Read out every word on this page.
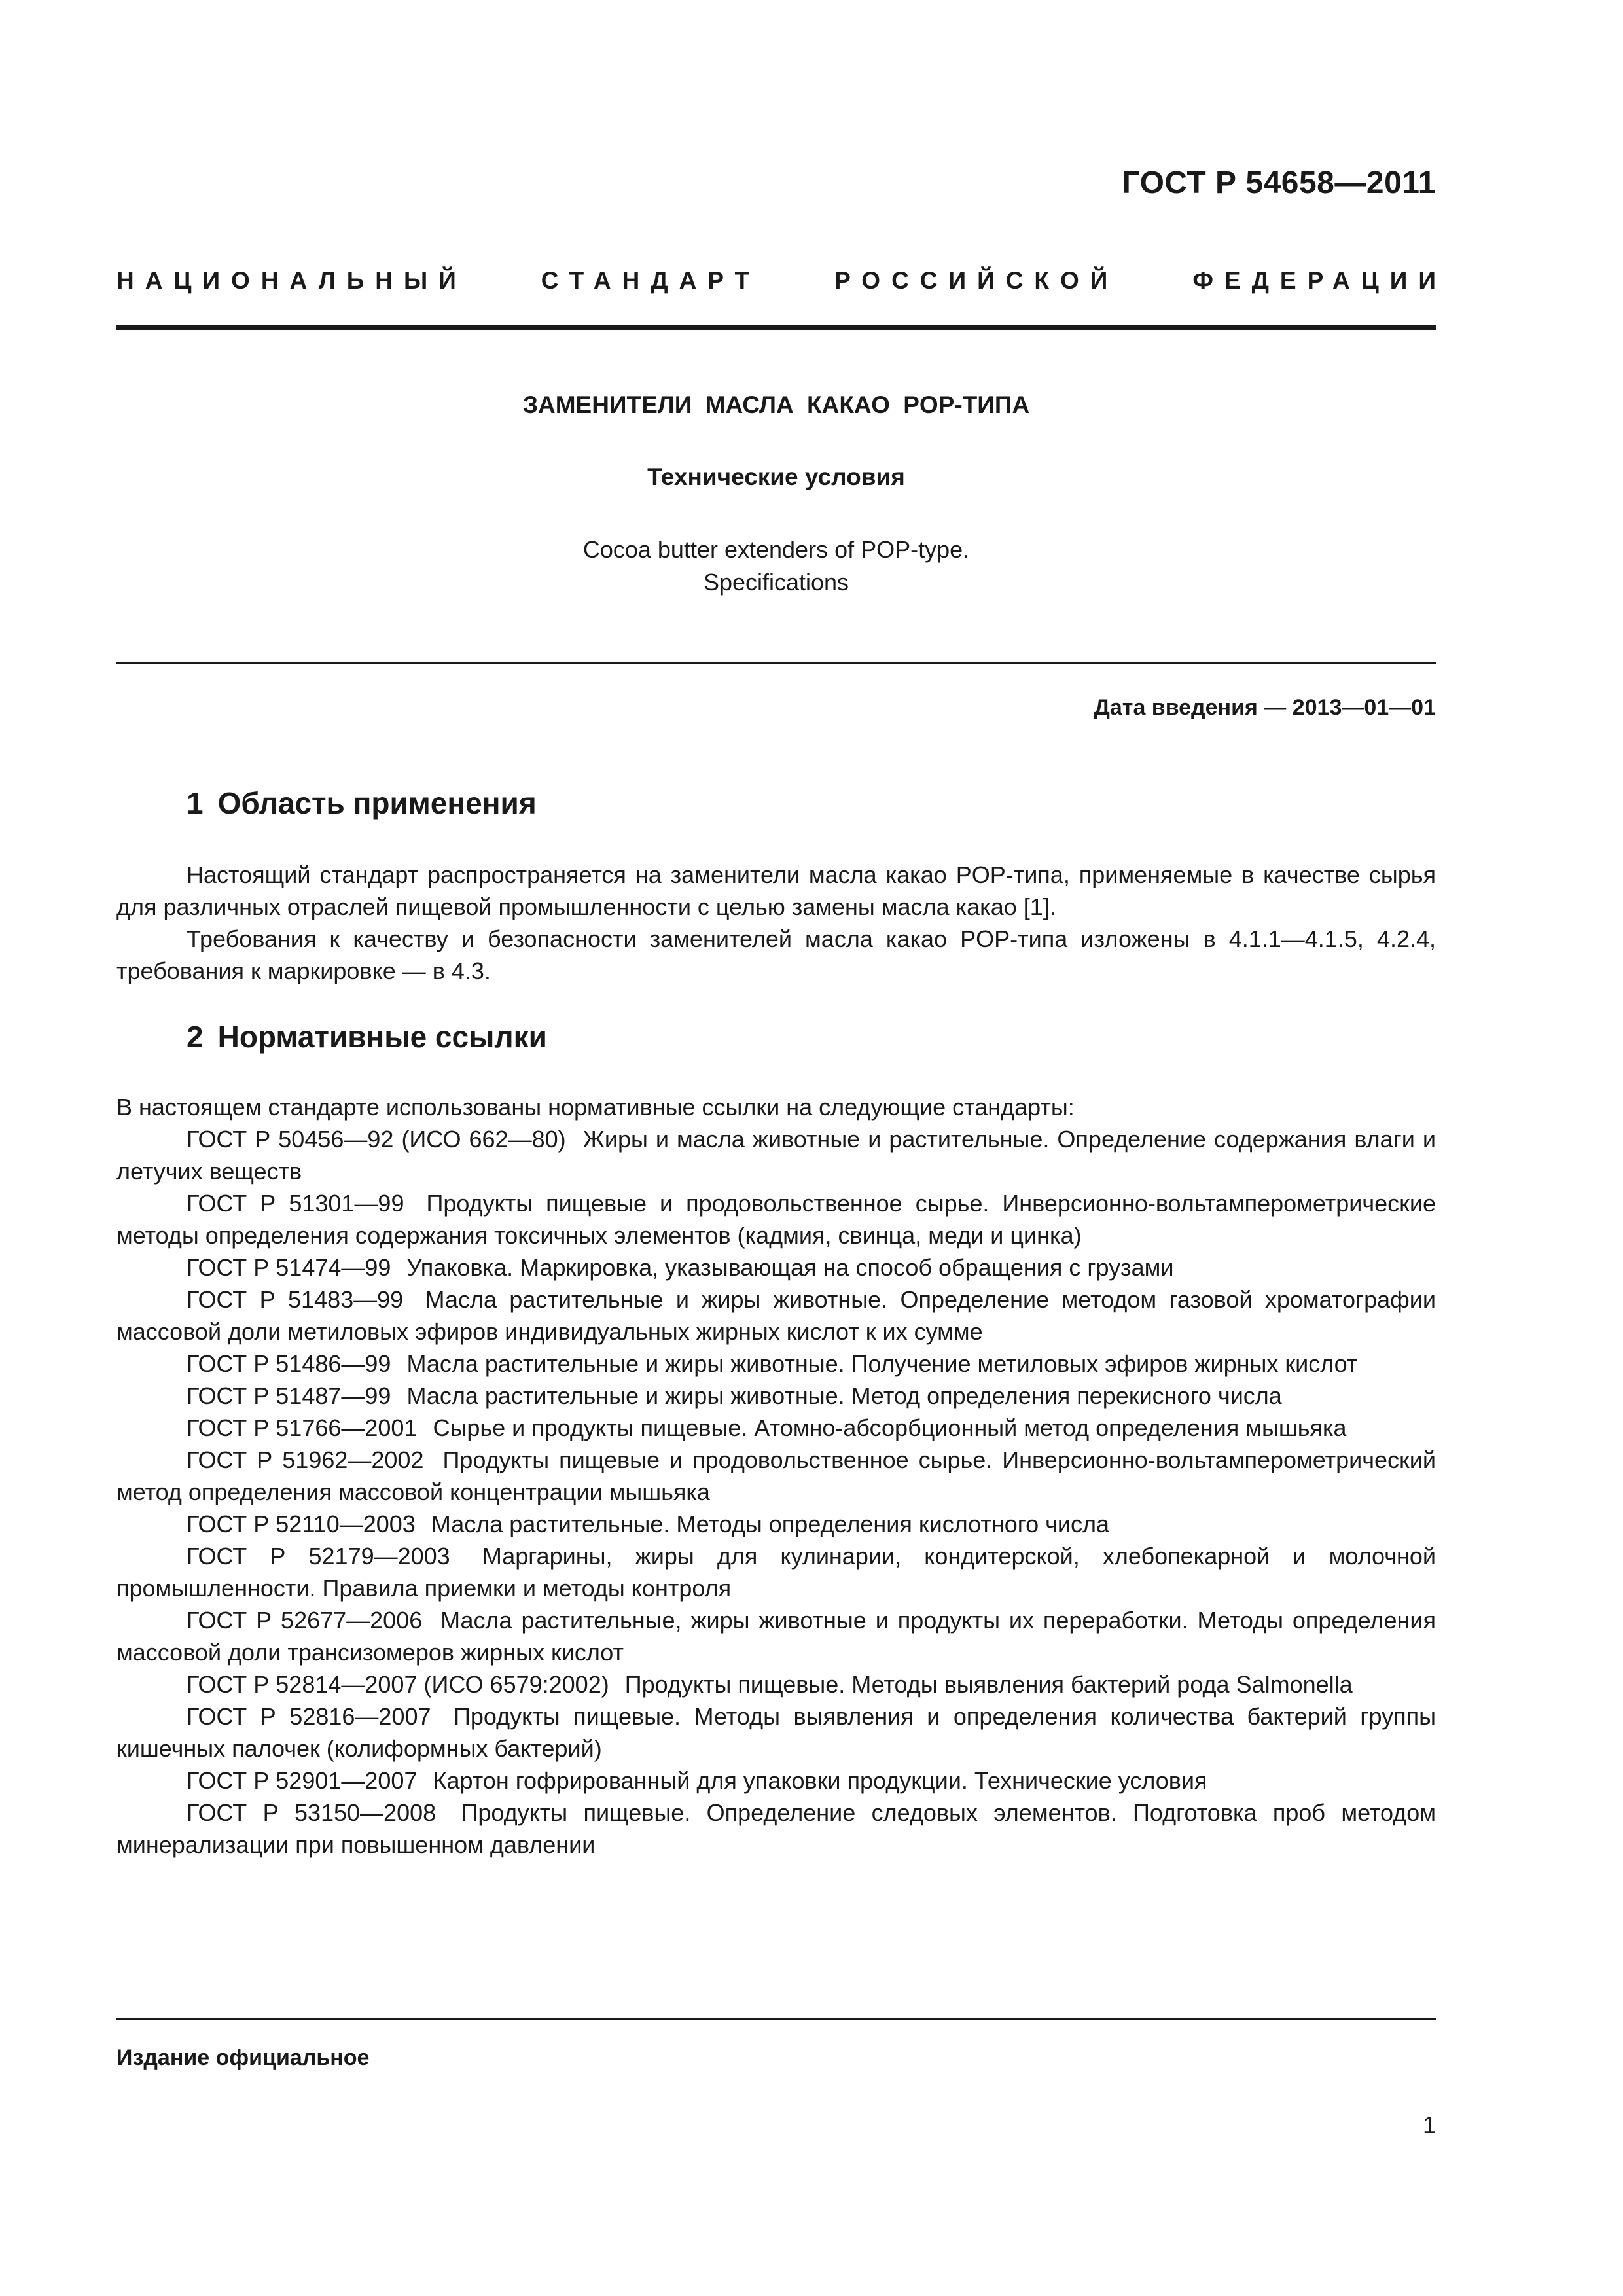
ГОСТ Р 54658—2011
НАЦИОНАЛЬНЫЙ	СТАНДАРТ	РОССИЙСКОЙ	ФЕДЕРАЦИИ
ЗАМЕНИТЕЛИ МАСЛА КАКАО POP-ТИПА
Технические условия
Cocoa butter extenders of POP-type.
Specifications
Дата введения — 2013—01—01
1 Область применения

Настоящий стандарт распространяется на заменители масла какао POP-типа, применяемые в качестве сырья для различных отраслей пищевой промышленности с целью замены масла какао [1].

Требования к качеству и безопасности заменителей масла какао POP-типа изложены в 4.1.1—4.1.5, 4.2.4, требования к маркировке — в 4.3.

2 Нормативные ссылки

В настоящем стандарте использованы нормативные ссылки на следующие стандарты:

ГОСТ Р 50456—92 (ИСО 662—80) Жиры и масла животные и растительные. Определение содержания влаги и летучих веществ

ГОСТ Р 51301—99 Продукты пищевые и продовольственное сырье. Инверсионно-вольтамперометрические методы определения содержания токсичных элементов (кадмия, свинца, меди и цинка)

ГОСТ Р 51474—99 Упаковка. Маркировка, указывающая на способ обращения с грузами

ГОСТ Р 51483—99 Масла растительные и жиры животные. Определение методом газовой хроматографии массовой доли метиловых эфиров индивидуальных жирных кислот к их сумме

ГОСТ Р 51486—99 Масла растительные и жиры животные. Получение метиловых эфиров жирных кислот

ГОСТ Р 51487—99 Масла растительные и жиры животные. Метод определения перекисного числа

ГОСТ Р 51766—2001 Сырье и продукты пищевые. Атомно-абсорбционный метод определения мышьяка

ГОСТ Р 51962—2002 Продукты пищевые и продовольственное сырье. Инверсионно-вольтамперометрический метод определения массовой концентрации мышьяка

ГОСТ Р 52110—2003 Масла растительные. Методы определения кислотного числа

ГОСТ Р 52179—2003 Маргарины, жиры для кулинарии, кондитерской, хлебопекарной и молочной промышленности. Правила приемки и методы контроля

ГОСТ Р 52677—2006 Масла растительные, жиры животные и продукты их переработки. Методы определения массовой доли трансизомеров жирных кислот

ГОСТ Р 52814—2007 (ИСО 6579:2002) Продукты пищевые. Методы выявления бактерий рода Salmonella

ГОСТ Р 52816—2007 Продукты пищевые. Методы выявления и определения количества бактерий группы кишечных палочек (колиформных бактерий)

ГОСТ Р 52901—2007 Картон гофрированный для упаковки продукции. Технические условия

ГОСТ Р 53150—2008 Продукты пищевые. Определение следовых элементов. Подготовка проб методом минерализации при повышенном давлении

Издание официальное
1
